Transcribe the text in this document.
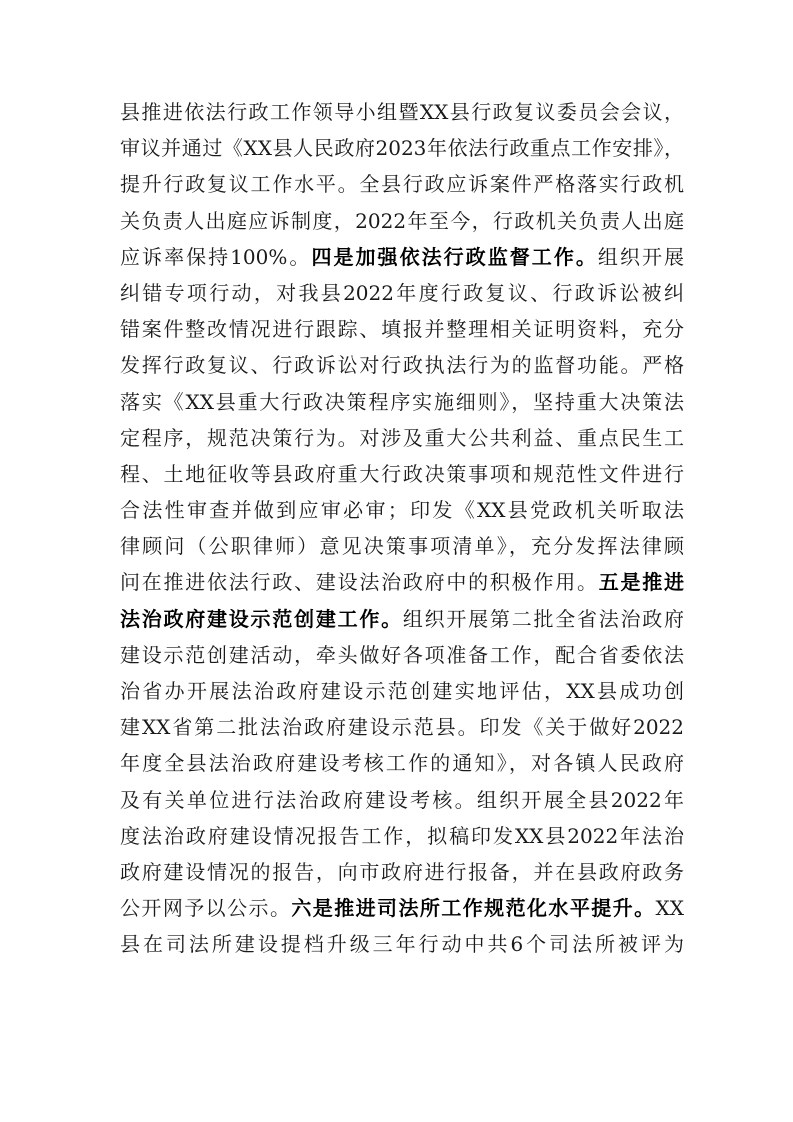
县推进依法行政工作领导小组暨XX县行政复议委员会会议，
审议并通过《XX县人民政府2023年依法行政重点工作安排》，
提升行政复议工作水平。全县行政应诉案件严格落实行政机
关负责人出庭应诉制度，2022年至今，行政机关负责人出庭
应诉率保持100%。四是加强依法行政监督工作。组织开展
纠错专项行动，对我县2022年度行政复议、行政诉讼被纠
错案件整改情况进行跟踪、填报并整理相关证明资料，充分
发挥行政复议、行政诉讼对行政执法行为的监督功能。严格
落实《XX县重大行政决策程序实施细则》，坚持重大决策法
定程序，规范决策行为。对涉及重大公共利益、重点民生工
程、土地征收等县政府重大行政决策事项和规范性文件进行
合法性审查并做到应审必审；印发《XX县党政机关听取法
律顾问（公职律师）意见决策事项清单》，充分发挥法律顾
问在推进依法行政、建设法治政府中的积极作用。五是推进
法治政府建设示范创建工作。组织开展第二批全省法治政府
建设示范创建活动，牵头做好各项准备工作，配合省委依法
治省办开展法治政府建设示范创建实地评估，XX县成功创
建XX省第二批法治政府建设示范县。印发《关于做好2022
年度全县法治政府建设考核工作的通知》，对各镇人民政府
及有关单位进行法治政府建设考核。组织开展全县2022年
度法治政府建设情况报告工作，拟稿印发XX县2022年法治
政府建设情况的报告，向市政府进行报备，并在县政府政务
公开网予以公示。六是推进司法所工作规范化水平提升。XX
县在司法所建设提档升级三年行动中共6个司法所被评为
